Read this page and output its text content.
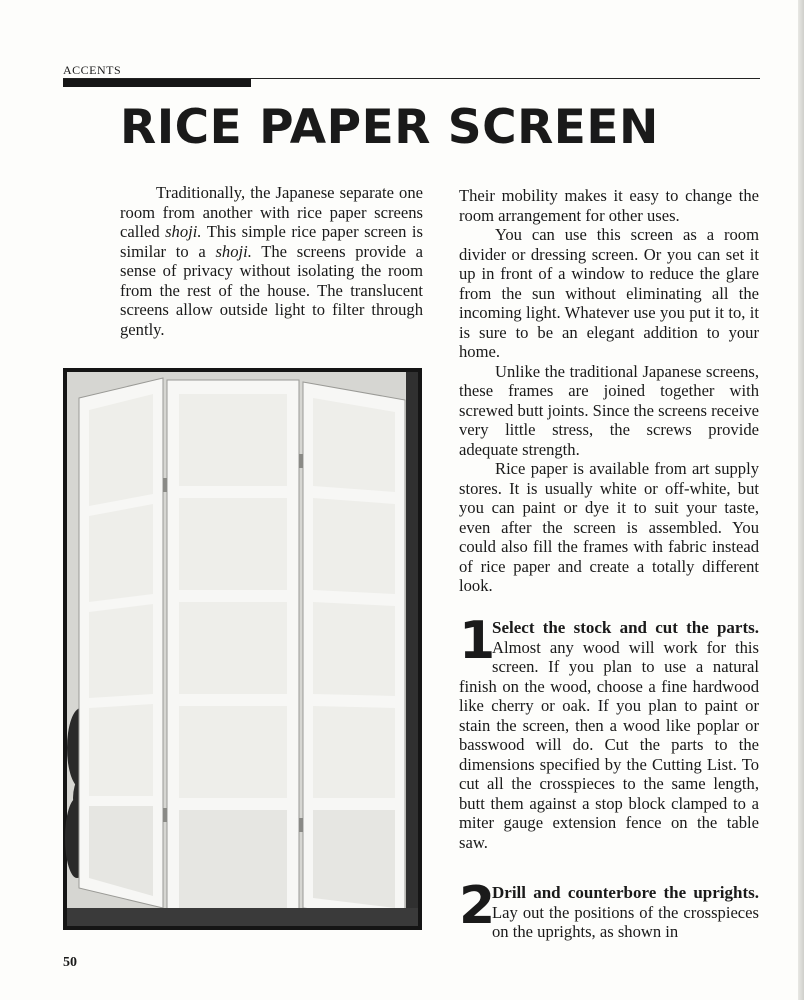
ACCENTS
RICE PAPER SCREEN

Traditionally, the Japanese separate one room from another with rice paper screens called shoji. This simple rice paper screen is similar to a shoji. The screens provide a sense of privacy without isolating the room from the rest of the house. The translucent screens allow outside light to filter through gently.

Their mobility makes it easy to change the room arrangement for other uses.

You can use this screen as a room divider or dressing screen. Or you can set it up in front of a window to reduce the glare from the sun without eliminating all the incoming light. Whatever use you put it to, it is sure to be an elegant addition to your home.

Unlike the traditional Japanese screens, these frames are joined together with screwed butt joints. Since the screens receive very little stress, the screws provide adequate strength.

Rice paper is available from art supply stores. It is usually white or off-white, but you can paint or dye it to suit your taste, even after the screen is assembled. You could also fill the frames with fabric instead of rice paper and create a totally different look.

1
Select the stock and cut the parts. Almost any wood will work for this screen. If you plan to use a natural finish on the wood, choose a fine hardwood like cherry or oak. If you plan to paint or stain the screen, then a wood like poplar or basswood will do. Cut the parts to the dimensions specified by the Cutting List. To cut all the crosspieces to the same length, butt them against a stop block clamped to a miter gauge extension fence on the table saw.

2
Drill and counterbore the uprights. Lay out the positions of the crosspieces on the uprights, as shown in

50
